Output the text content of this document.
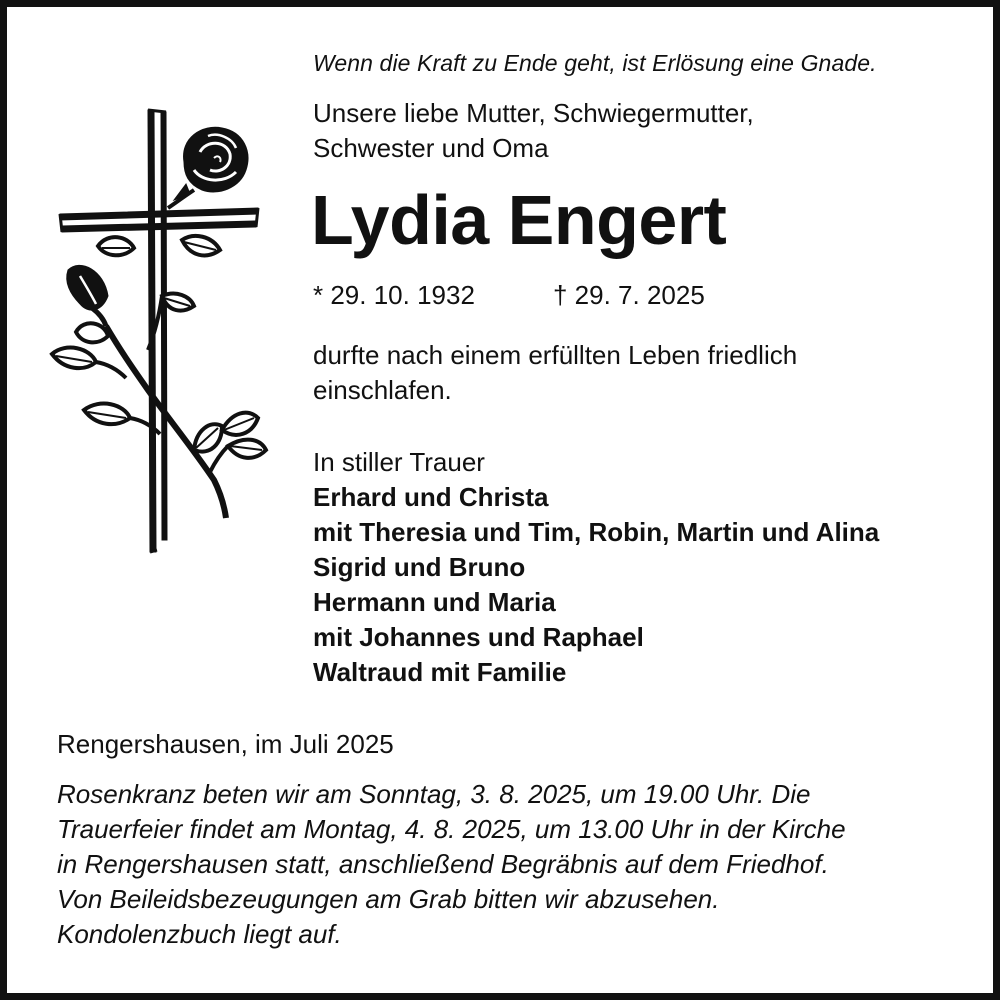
Wenn die Kraft zu Ende geht, ist Erlösung eine Gnade.
Unsere liebe Mutter, Schwiegermutter,
Schwester und Oma
Lydia Engert
* 29. 10. 1932	† 29. 7. 2025
durfte nach einem erfüllten Leben friedlich
einschlafen.
In stiller Trauer
Erhard und Christa
mit Theresia und Tim, Robin, Martin und Alina
Sigrid und Bruno
Hermann und Maria
mit Johannes und Raphael
Waltraud mit Familie
Rengershausen, im Juli 2025
Rosenkranz beten wir am Sonntag, 3. 8. 2025, um 19.00 Uhr. Die
Trauerfeier findet am Montag, 4. 8. 2025, um 13.00 Uhr in der Kirche
in Rengershausen statt, anschließend Begräbnis auf dem Friedhof.
Von Beileidsbezeugungen am Grab bitten wir abzusehen.
Kondolenzbuch liegt auf.
